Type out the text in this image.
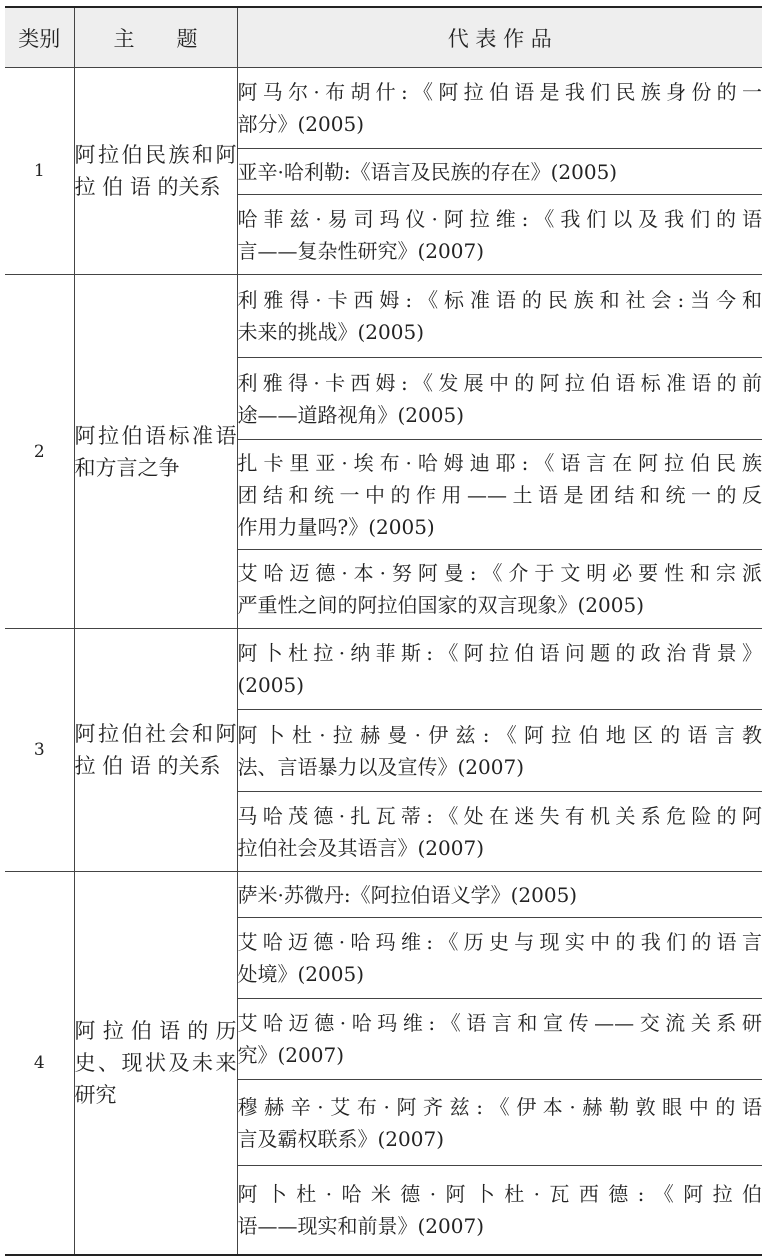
类别	主　　题	代 表 作 品
1	阿拉伯民族和阿 拉 伯 语 的关系	阿马尔·布胡什:《阿拉伯语是我们民族身份的一
部分》(2005)

		亚辛·哈利勒:《语言及民族的存在》(2005)

		哈菲兹·易司玛仪·阿拉维:《我们以及我们的语
言——复杂性研究》(2007)

2	阿拉伯语标准语和方言之争	利雅得·卡西姆:《标准语的民族和社会:当今和
未来的挑战》(2005)

		利雅得·卡西姆:《发展中的阿拉伯语标准语的前
途——道路视角》(2005)

		扎卡里亚·埃布·哈姆迪耶:《语言在阿拉伯民族
团结和统一中的作用——土语是团结和统一的反
作用力量吗?》(2005)

		艾哈迈德·本·努阿曼:《介于文明必要性和宗派
严重性之间的阿拉伯国家的双言现象》(2005)

3	阿拉伯社会和阿 拉 伯 语 的关系	阿卜杜拉·纳菲斯:《阿拉伯语问题的政治背景》
(2005)

		阿卜杜·拉赫曼·伊兹:《阿拉伯地区的语言教
法、言语暴力以及宣传》(2007)

		马哈茂德·扎瓦蒂:《处在迷失有机关系危险的阿
拉伯社会及其语言》(2007)

4	阿拉伯语的历史、现状及未来研究	萨米·苏微丹:《阿拉伯语义学》(2005)

		艾哈迈德·哈玛维:《历史与现实中的我们的语言
处境》(2005)

		艾哈迈德·哈玛维:《语言和宣传——交流关系研
究》(2007)

		穆赫辛·艾布·阿齐兹:《伊本·赫勒敦眼中的语
言及霸权联系》(2007)

		阿卜杜·哈米德·阿卜杜·瓦西德:《阿拉伯
语——现实和前景》(2007)
